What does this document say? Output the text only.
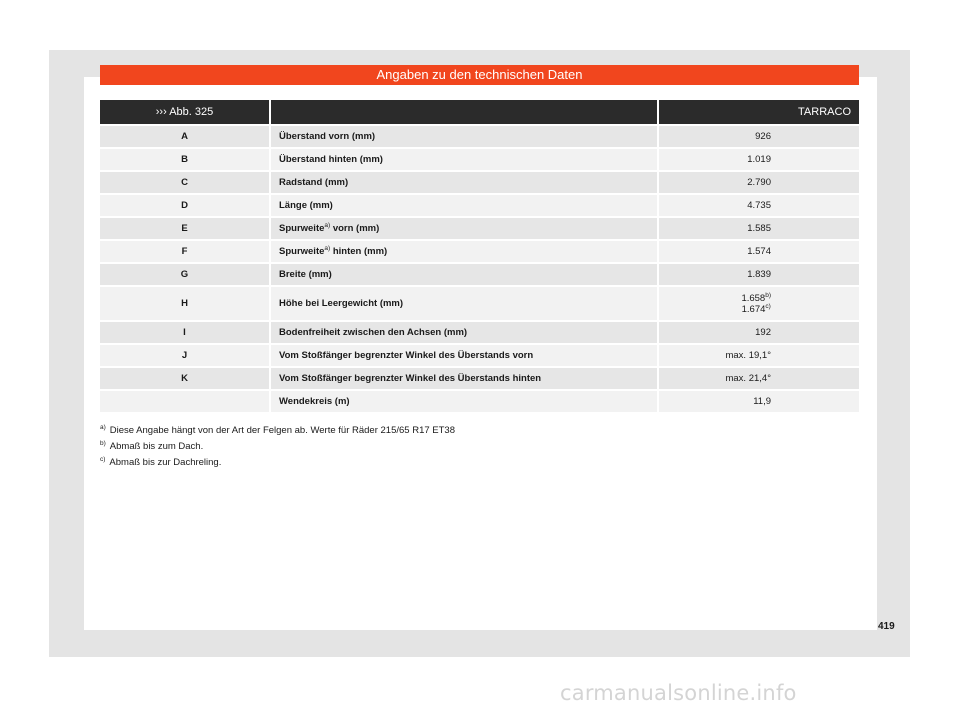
Angaben zu den technischen Daten
››› Abb. 325		TARRACO
A	Überstand vorn (mm)	926

B	Überstand hinten (mm)	1.019

C	Radstand (mm)	2.790

D	Länge (mm)	4.735

E	Spurweite$^{a)}$ vorn (mm)	1.585

F	Spurweite$^{a)}$ hinten (mm)	1.574

G	Breite (mm)	1.839

H	Höhe bei Leergewicht (mm)	1.658$^{b)}$
1.674$^{c)}$

I	Bodenfreiheit zwischen den Achsen (mm)	192

J	Vom Stoßfänger begrenzter Winkel des Überstands vorn	max. 19,1°

K	Vom Stoßfänger begrenzter Winkel des Überstands hinten	max. 21,4°

	Wendekreis (m)	11,9
$^{a)}$ Diese Angabe hängt von der Art der Felgen ab. Werte für Räder 215/65 R17 ET38
$^{b)}$ Abmaß bis zum Dach.
$^{c)}$ Abmaß bis zur Dachreling.
419
carmanualsonline.info
